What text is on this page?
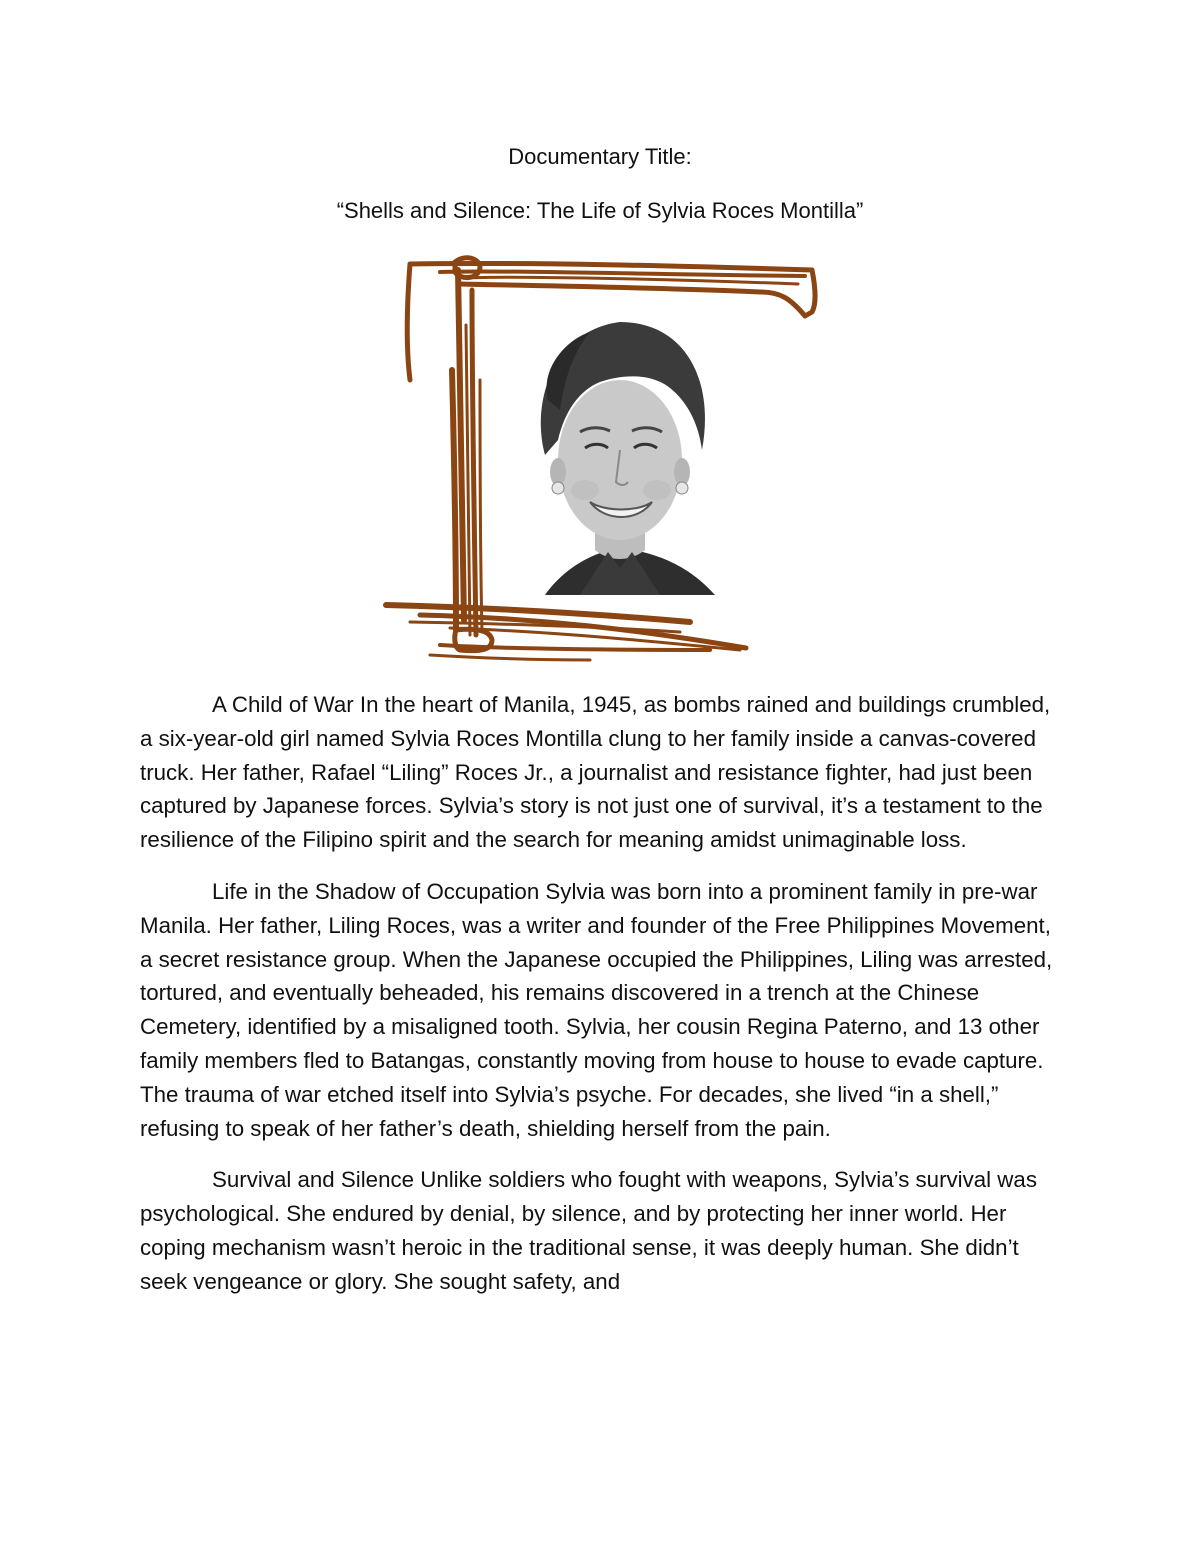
Documentary Title:
“Shells and Silence: The Life of Sylvia Roces Montilla”

A Child of War In the heart of Manila, 1945, as bombs rained and buildings crumbled, a six-year-old girl named Sylvia Roces Montilla clung to her family inside a canvas-covered truck. Her father, Rafael “Liling” Roces Jr., a journalist and resistance fighter, had just been captured by Japanese forces. Sylvia’s story is not just one of survival, it’s a testament to the resilience of the Filipino spirit and the search for meaning amidst unimaginable loss.

Life in the Shadow of Occupation Sylvia was born into a prominent family in pre-war Manila. Her father, Liling Roces, was a writer and founder of the Free Philippines Movement, a secret resistance group. When the Japanese occupied the Philippines, Liling was arrested, tortured, and eventually beheaded, his remains discovered in a trench at the Chinese Cemetery, identified by a misaligned tooth. Sylvia, her cousin Regina Paterno, and 13 other family members fled to Batangas, constantly moving from house to house to evade capture. The trauma of war etched itself into Sylvia’s psyche. For decades, she lived “in a shell,” refusing to speak of her father’s death, shielding herself from the pain.

Survival and Silence Unlike soldiers who fought with weapons, Sylvia’s survival was psychological. She endured by denial, by silence, and by protecting her inner world. Her coping mechanism wasn’t heroic in the traditional sense, it was deeply human. She didn’t seek vengeance or glory. She sought safety, and
